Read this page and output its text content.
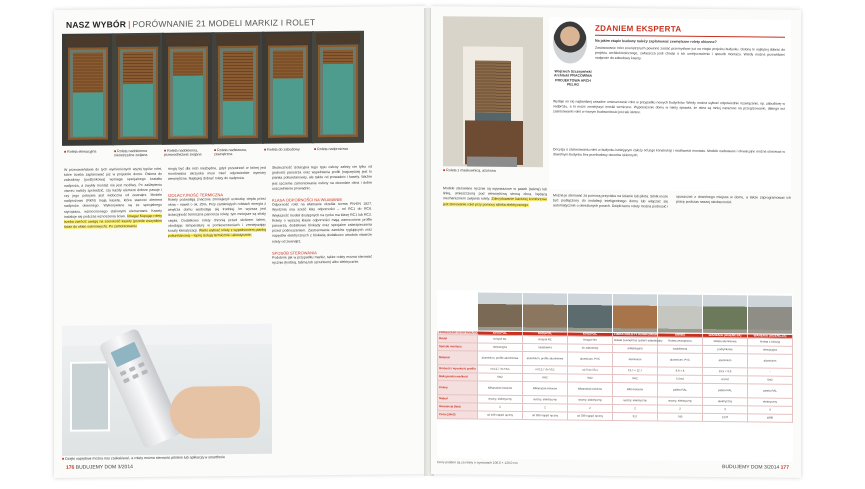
NASZ WYBÓR | PORÓWNANIE 21 MODELI MARKIZ I ROLET
■ Roleta elewacyjna	■ Roleta nadokienna nieostrzeżne zwijana
■ Roleta nadokienna, przewodnictwie zwijana
■ Roleta nadstawna, zewnętrzna
■ Roleta do zabudowy	■ Roleta nadprożowa
W przeciwieństwie do tych wymienionych wyżej typów rolet, które trzeba zaplanować już w projekcie domu. Osłona do zabudowy (podtynkowa) wymaga specjalnego kształtu nadproża, a zwykły montaż nie jest możliwy. Po zaślepieniu otworu należy sprawdzić, czy każdy element dobrze pasuje i czy jego pokrywa jest widoczna od zewnątrz. Modele nadprożowe (RKN) mają kasetę, która stanowi element nadproża okiennego. Wykonywane są ze specjalnego styropianu, wzmocnionego stalowymi elementami. Kasety instaluje się podczas wznoszenia ścian. Uwaga! Kupując rolety trzeba zwrócić uwagę na szerokość kasety (przede wszystkim ścian do okien osłonowych). Po zamontowaniu
mogą być dla nich niezbędne, gdyż przestrzeń w której jest montowana skrzynka musi mieć odpowiednie wymiary wewnętrzne. Najlepiej dobrać rolety do nadproża.
IZOLACYJNOŚĆ TERMICZNA
Rolety pozwalają znacznie zmniejszyć ucieczkę ciepła przez okna – nawet o ok. 25%. Przy zamkniętych roletach energia z wnętrza domu wydostaje się trudniej. Im wyższa jest izolacyjność termiczna pancerza rolety, tym mniejsze są straty ciepła. Dodatkowo rolety chronią przed słońcem latem, obniżając temperaturę w pomieszczeniach i zmniejszając koszty klimatyzacji. Warto wybrać rolety z wypełnieniem pianką poliuretanową – lepiej izolują termicznie i akustycznie.
Skuteczność izolacyjna tego typu osłony zależy nie tylko od grubości pancerza oraz wypełnienia profili (najczęściej jest to pianka poliuretanowa), ale także od prowadnic i kasety. Ważne jest szczelne zamontowanie osłony na obwodzie okna i dobre uszczelnienie prowadnic.
KLASA ODPORNOŚCI NA WŁAMANIE
Odporność rolet na włamanie określa norma PN-EN 1627. Wyróżnia ona sześć klas odporności – od RC1 do RC6. Większość modeli dostępnych na rynku ma klasę RC1 lub RC2. Rolety o wyższej klasie odporności mają wzmocnione profile pancerza, dodatkowe blokady oraz specjalne zabezpieczenia przed podnoszeniem. Zastosowanie zamków ryglujących oraz napędów elektrycznych z blokadą dodatkowo utrudnia otwarcie rolety od zewnątrz.
SPOSÓB STEROWANIA
Podobnie jak w przypadku markiz, także rolety można sterować ręcznie (korbką, taśmą lub sznurkiem) albo elektrycznie.
■ Dzięki napędowi można nas zaskakiwać, a rolety można sterować pilotem lub aplikacją w smartfonie
176 BUDUJEMY DOM 3/2014
■ Roleta z maskownicą, ażurowa
ZDANIEM EKSPERTA
Wojciech Szczepański Architekt PRACOWNIA PROJEKTOWA ARCH PELAG
Na jakim etapie budowy należy zaplanować zewnętrzne rolety okienne?
Zastosowanie rolet zewnętrznych powinno zostać przemyślane już na etapie projektu budynku. Osłony te najlepiej dobrać do projektu architektonicznego, zwłaszcza jeśli chodzi o ich umiejscowienie i sposób montażu. Wtedy można przewidzieć nadproże do zabudowy kasety.
Wydaje mi się najbardziej zasadne umieszczanie rolet w przypadku nowych budynków. Wtedy można wybrać odpowiednie rozwiązanie, np. zabudowę w nadprożu, a to może zmniejszyć mostki termiczne. Wyposażenie domu w rolety sprawia, że okna są mniej narażone na przegrzewanie, dlatego też zastosowanie rolet w nowym budownictwie jest tak istotne.
Decyzja o zastosowaniu rolet w budynku istniejącym zależy od jego konstrukcji i możliwości montażu. Modele nadstawne i elewacyjne można stosować w dowolnym budynku bez przebudowy otworów okiennych.
Modele sterowane ręcznie są wyposażone w pasek (taśmę) lub linkę, umieszczoną pod wewnętrzną stroną okna, będącą mechanizmem zwijania rolety. Zdecydowanie bardziej komfortowe jest sterowanie rolet przy pomocy silnika elektrycznego.
Można je sterować za pomocą przycisku na ścianie lub pilota. Silnik może być podłączony do instalacji inteligentnego domu lub włączać się automatycznie o określonych porach. Dzięki temu rolety można podnosić i opuszczać z dowolnego miejsca w domu, a także zaprogramować ich pracę podczas naszej nieobecności.

PRODUCENT/ DYSTRYBUTOR	KRISPOL	KRISPOL	KRISPOL	FIBRA ROLETY KRAKOWSKI	ANWIS	WAREMA (AGENCJA)	WAREMA (AGENCJA)
Model	Krispol RL	Krispol RZ	Krispol RN	Roleta zewnętrzna system adaptacyjny	Roleta zewnętrzna	Roleta aluminiowa	Roleta z żaluzją
Sposób montażu	elewacyjna	nadstawna	do zabudowy	adaptacyjna	nadokienna	podtynkowa	elewacyjna
Materiał	aluminium, profile aluminiowe	aluminium, profile aluminiowe	aluminium, PVC	aluminium	aluminium, PVC	aluminium	aluminium
Grubość i wysokość profilu	od 12,7 do 53,1	od 12,7 do 53,1	od 9 do 53,1	13,7 × 12,7	9,9 × 8	13,5 × 9,9	–
Maksymalna wielkość	6m2	6m2	6m2	6m2	5,5m2	4,5m2	6m2
Kolory	kilkanaście kolorów	kilkanaście kolorów	kilkanaście kolorów	kilka kolorów	paleta RAL	paleta RAL	paleta RAL
Napęd	ręczny, elektryczny	ręczny, elektryczny	ręczny, elektryczny	ręczny, elektryczny	ręczny, elektryczny	elektryczny	elektryczny
Gwarancja (lata)	2	2	2	2	2	3	3
Cena (zł/m2)	od 199 napęd ręczny	od 289 napęd ręczny	od 339 napęd ręczny	317	760	2170	4990
Ceny podane są za rolety o wymiarach 100,0 × 120,0 cm
BUDUJEMY DOM 3/2014 177
